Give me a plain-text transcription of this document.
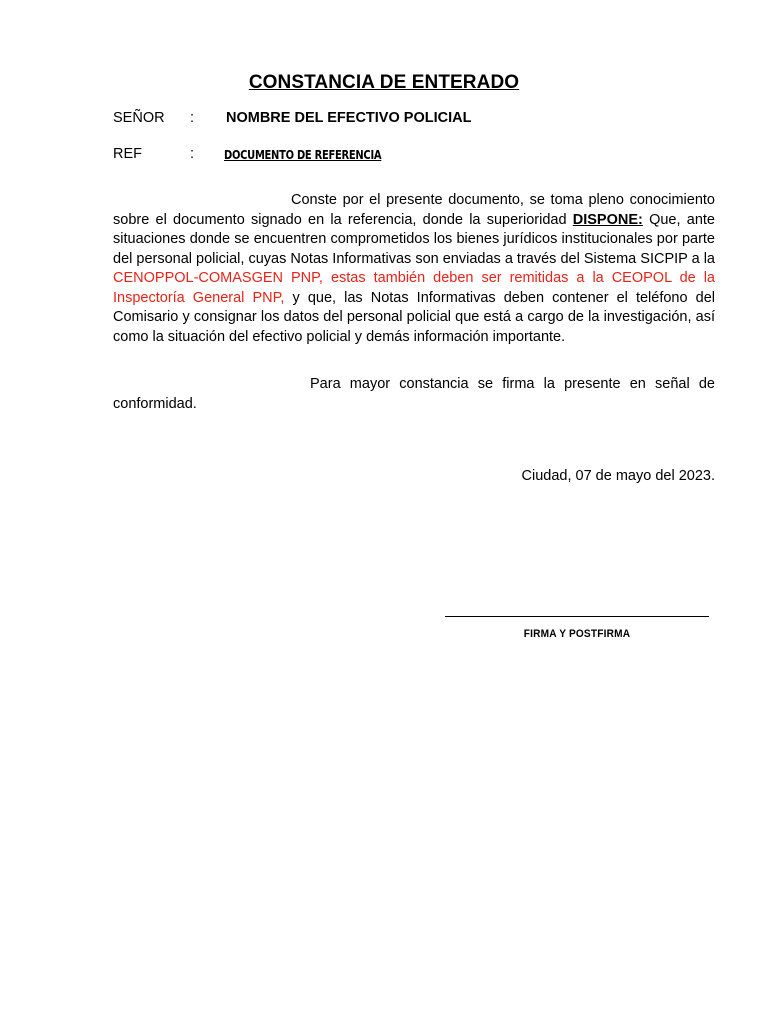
CONSTANCIA DE ENTERADO
SEÑOR : NOMBRE DEL EFECTIVO POLICIAL
REF	: DOCUMENTO DE REFERENCIA

Conste por el presente documento, se toma pleno conocimiento sobre el documento signado en la referencia, donde la superioridad DISPONE: Que, ante situaciones donde se encuentren comprometidos los bienes jurídicos institucionales por parte del personal policial, cuyas Notas Informativas son enviadas a través del Sistema SICPIP a la CENOPPOL-COMASGEN PNP, estas también deben ser remitidas a la CEOPOL de la Inspectoría General PNP, y que, las Notas Informativas deben contener el teléfono del Comisario y consignar los datos del personal policial que está a cargo de la investigación, así como la situación del efectivo policial y demás información importante.

Para mayor constancia se firma la presente en señal de conformidad.

Ciudad, 07 de mayo del 2023.
FIRMA Y POSTFIRMA
